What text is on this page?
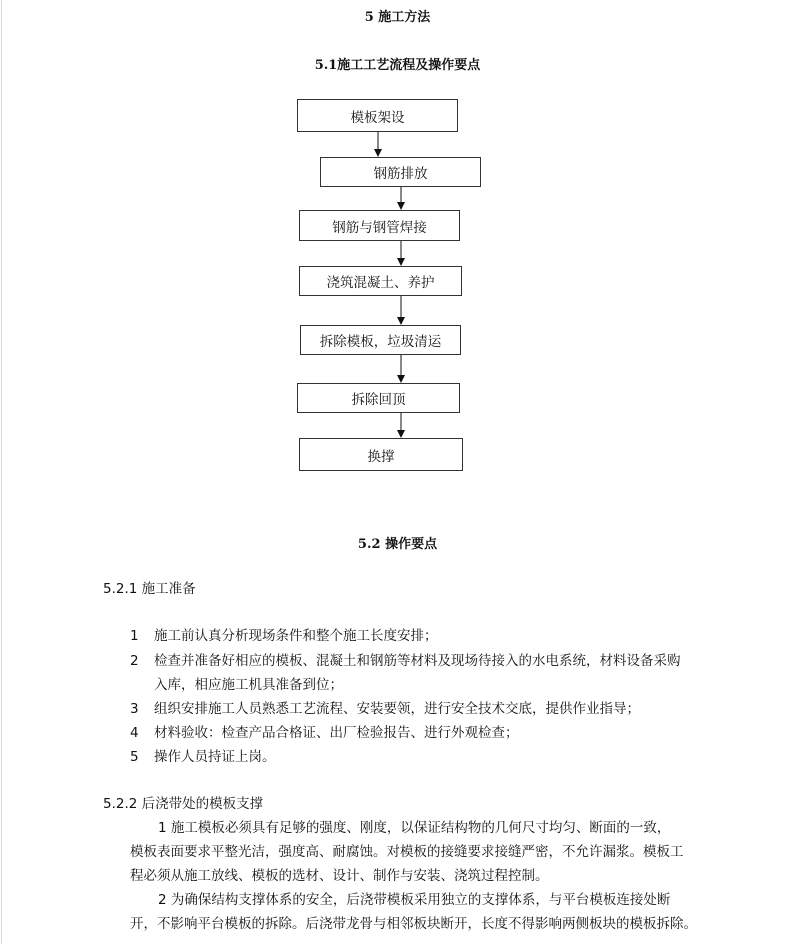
5 施工方法
5.1施工工艺流程及操作要点
模板架设
钢筋排放
钢筋与钢管焊接
浇筑混凝土、养护
拆除模板，垃圾清运
拆除回顶
换撑
5.2 操作要点
5.2.1 施工准备
1 施工前认真分析现场条件和整个施工长度安排；
2 检查并准备好相应的模板、混凝土和钢筋等材料及现场待接入的水电系统，材料设备采购
入库，相应施工机具准备到位；
3 组织安排施工人员熟悉工艺流程、安装要领，进行安全技术交底，提供作业指导；
4 材料验收：检查产品合格证、出厂检验报告、进行外观检查；
5 操作人员持证上岗。
5.2.2 后浇带处的模板支撑
1 施工模板必须具有足够的强度、刚度，以保证结构物的几何尺寸均匀、断面的一致，
模板表面要求平整光洁，强度高、耐腐蚀。对模板的接缝要求接缝严密，不允许漏浆。模板工
程必须从施工放线、模板的选材、设计、制作与安装、浇筑过程控制。
2 为确保结构支撑体系的安全，后浇带模板采用独立的支撑体系，与平台模板连接处断
开，不影响平台模板的拆除。后浇带龙骨与相邻板块断开，长度不得影响两侧板块的模板拆除。
